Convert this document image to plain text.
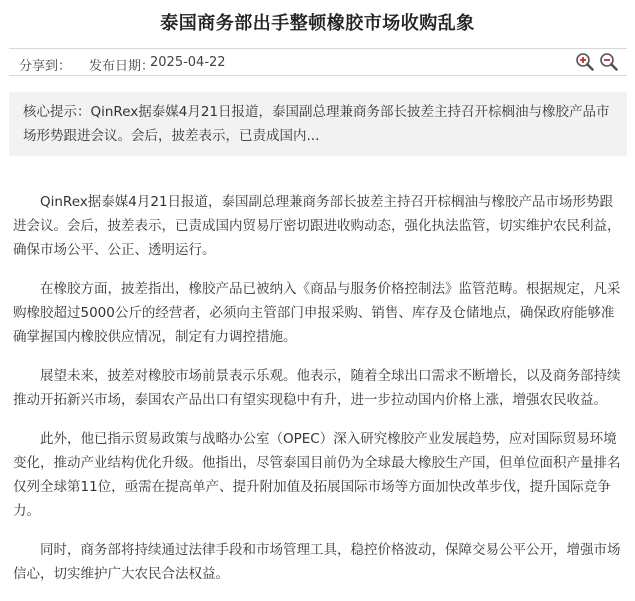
泰国商务部出手整顿橡胶市场收购乱象
分享到： 发布日期：
2025-04-22
核心提示：QinRex据泰媒4月21日报道，泰国副总理兼商务部长披差主持召开棕榈油与橡胶产品市场形势跟进会议。会后，披差表示，已责成国内...

QinRex据泰媒4月21日报道，泰国副总理兼商务部长披差主持召开棕榈油与橡胶产品市场形势跟进会议。会后，披差表示，已责成国内贸易厅密切跟进收购动态，强化执法监管，切实维护农民利益，确保市场公平、公正、透明运行。

在橡胶方面，披差指出，橡胶产品已被纳入《商品与服务价格控制法》监管范畴。根据规定，凡采购橡胶超过5000公斤的经营者，必须向主管部门申报采购、销售、库存及仓储地点，确保政府能够准确掌握国内橡胶供应情况，制定有力调控措施。

展望未来，披差对橡胶市场前景表示乐观。他表示，随着全球出口需求不断增长，以及商务部持续推动开拓新兴市场，泰国农产品出口有望实现稳中有升，进一步拉动国内价格上涨，增强农民收益。

此外，他已指示贸易政策与战略办公室（OPEC）深入研究橡胶产业发展趋势，应对国际贸易环境变化，推动产业结构优化升级。他指出，尽管泰国目前仍为全球最大橡胶生产国，但单位面积产量排名仅列全球第11位，亟需在提高单产、提升附加值及拓展国际市场等方面加快改革步伐，提升国际竞争力。

同时，商务部将持续通过法律手段和市场管理工具，稳控价格波动，保障交易公平公开，增强市场信心，切实维护广大农民合法权益。
